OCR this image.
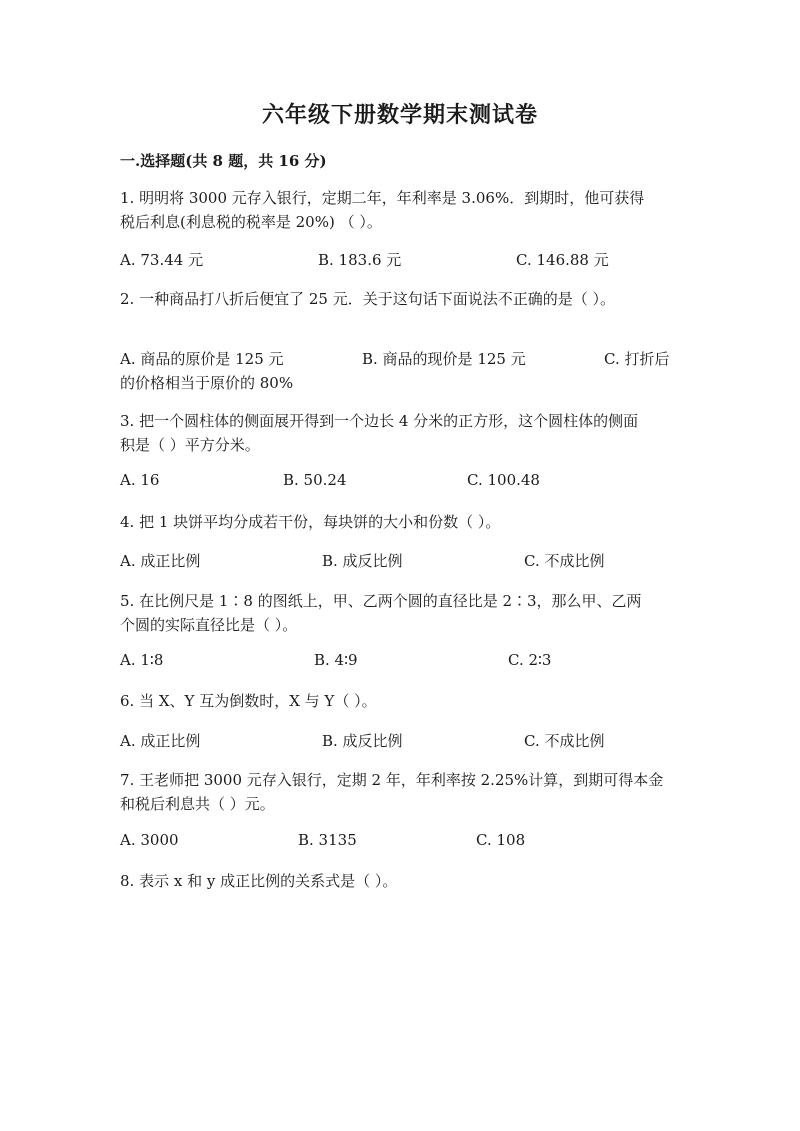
六年级下册数学期末测试卷
一.选择题(共 8 题，共 16 分)
1. 明明将 3000 元存入银行，定期二年，年利率是 3.06%．到期时，他可获得
税后利息(利息税的税率是 20%) （ ）。
A. 73.44 元	B. 183.6 元	C. 146.88 元
2. 一种商品打八折后便宜了 25 元．关于这句话下面说法不正确的是（ ）。
A. 商品的原价是 125 元	B. 商品的现价是 125 元	C. 打折后
的价格相当于原价的 80%
3. 把一个圆柱体的侧面展开得到一个边长 4 分米的正方形，这个圆柱体的侧面
积是（ ）平方分米。
A. 16	B. 50.24	C. 100.48
4. 把 1 块饼平均分成若干份，每块饼的大小和份数（ ）。
A. 成正比例	B. 成反比例	C. 不成比例
5. 在比例尺是 1∶8 的图纸上，甲、乙两个圆的直径比是 2∶3，那么甲、乙两
个圆的实际直径比是（ ）。
A. 1∶8	B. 4∶9	C. 2∶3
6. 当 X、Y 互为倒数时，X 与 Y（ ）。
A. 成正比例	B. 成反比例	C. 不成比例
7. 王老师把 3000 元存入银行，定期 2 年，年利率按 2.25%计算，到期可得本金
和税后利息共（ ）元。
A. 3000	B. 3135	C. 108
8. 表示 x 和 y 成正比例的关系式是（ ）。
